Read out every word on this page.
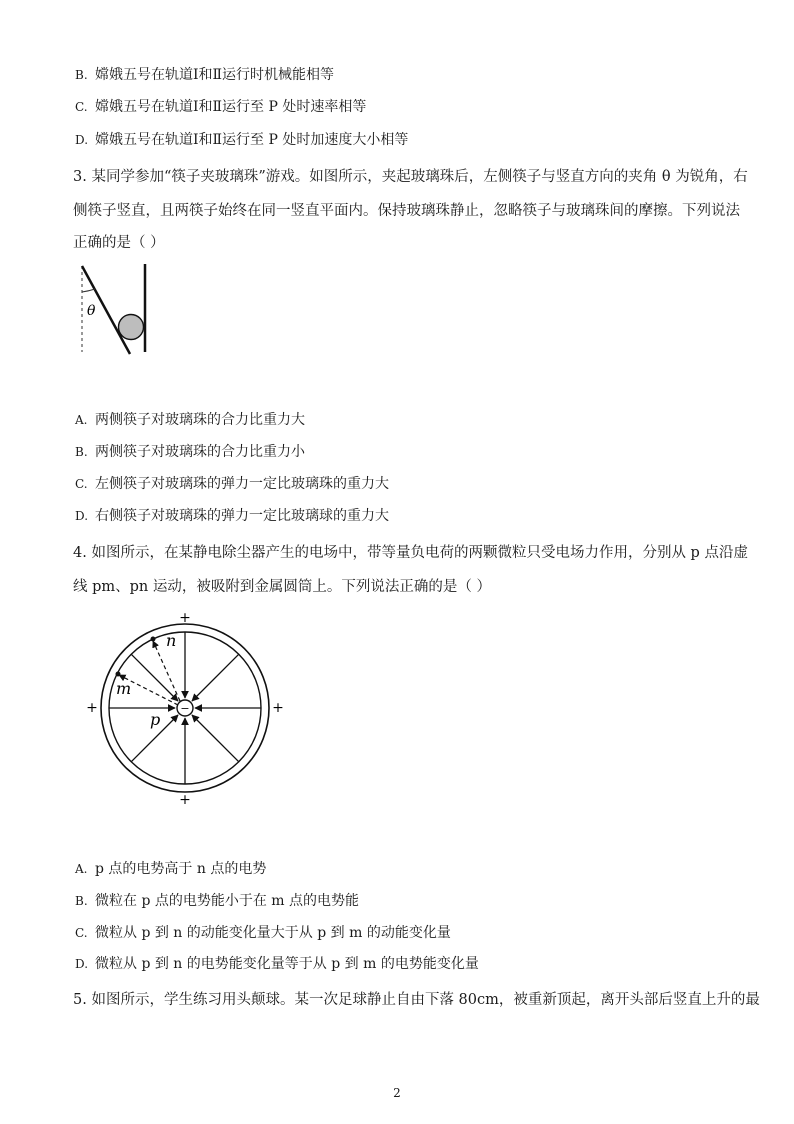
B. 嫦娥五号在轨道Ⅰ和Ⅱ运行时机械能相等
C. 嫦娥五号在轨道Ⅰ和Ⅱ运行至 P 处时速率相等
D. 嫦娥五号在轨道Ⅰ和Ⅱ运行至 P 处时加速度大小相等
3. 某同学参加“筷子夹玻璃珠”游戏。如图所示，夹起玻璃珠后，左侧筷子与竖直方向的夹角 θ 为锐角，右
侧筷子竖直，且两筷子始终在同一竖直平面内。保持玻璃珠静止，忽略筷子与玻璃珠间的摩擦。下列说法
正确的是（ ）
θ
A. 两侧筷子对玻璃珠的合力比重力大
B. 两侧筷子对玻璃珠的合力比重力小
C. 左侧筷子对玻璃珠的弹力一定比玻璃珠的重力大
D. 右侧筷子对玻璃珠的弹力一定比玻璃球的重力大
4. 如图所示，在某静电除尘器产生的电场中，带等量负电荷的两颗微粒只受电场力作用，分别从 p 点沿虚
线 pm、pn 运动，被吸附到金属圆筒上。下列说法正确的是（ ）
+
+
+	+
−
n
m
p
A. p 点的电势高于 n 点的电势
B. 微粒在 p 点的电势能小于在 m 点的电势能
C. 微粒从 p 到 n 的动能变化量大于从 p 到 m 的动能变化量
D. 微粒从 p 到 n 的电势能变化量等于从 p 到 m 的电势能变化量
5. 如图所示，学生练习用头颠球。某一次足球静止自由下落 80cm，被重新顶起，离开头部后竖直上升的最
2
